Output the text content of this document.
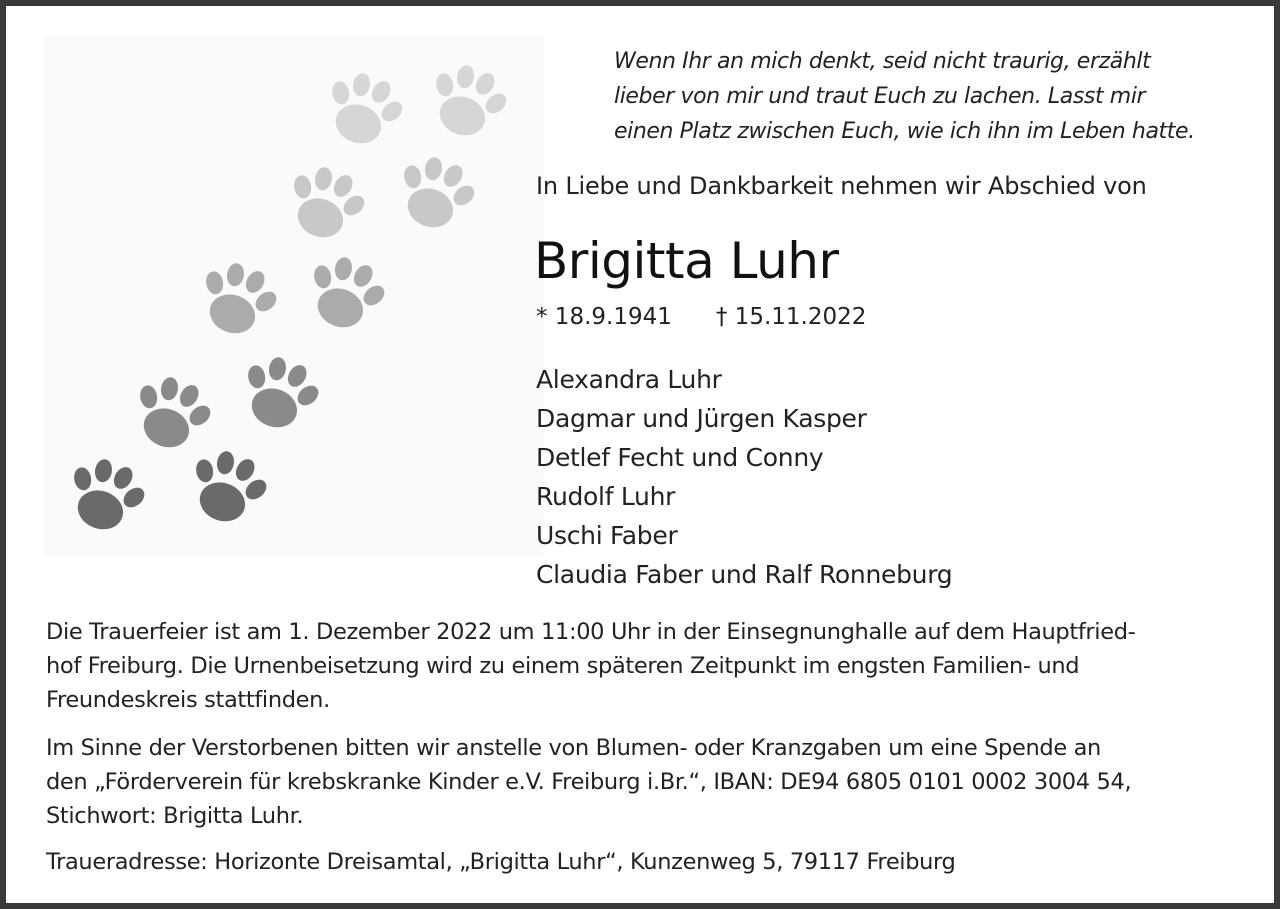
Wenn Ihr an mich denkt, seid nicht traurig, erzählt
lieber von mir und traut Euch zu lachen. Lasst mir
einen Platz zwischen Euch, wie ich ihn im Leben hatte.
In Liebe und Dankbarkeit nehmen wir Abschied von
Brigitta Luhr
* 18.9.1941 † 15.11.2022
Alexandra Luhr
Dagmar und Jürgen Kasper
Detlef Fecht und Conny
Rudolf Luhr
Uschi Faber
Claudia Faber und Ralf Ronneburg
Die Trauerfeier ist am 1. Dezember 2022 um 11:00 Uhr in der Einsegnunghalle auf dem Hauptfried-
hof Freiburg. Die Urnenbeisetzung wird zu einem späteren Zeitpunkt im engsten Familien- und
Freundeskreis stattfinden.
Im Sinne der Verstorbenen bitten wir anstelle von Blumen- oder Kranzgaben um eine Spende an
den „Förderverein für krebskranke Kinder e.V. Freiburg i.Br.“, IBAN: DE94 6805 0101 0002 3004 54,
Stichwort: Brigitta Luhr.
Traueradresse: Horizonte Dreisamtal, „Brigitta Luhr“, Kunzenweg 5, 79117 Freiburg
